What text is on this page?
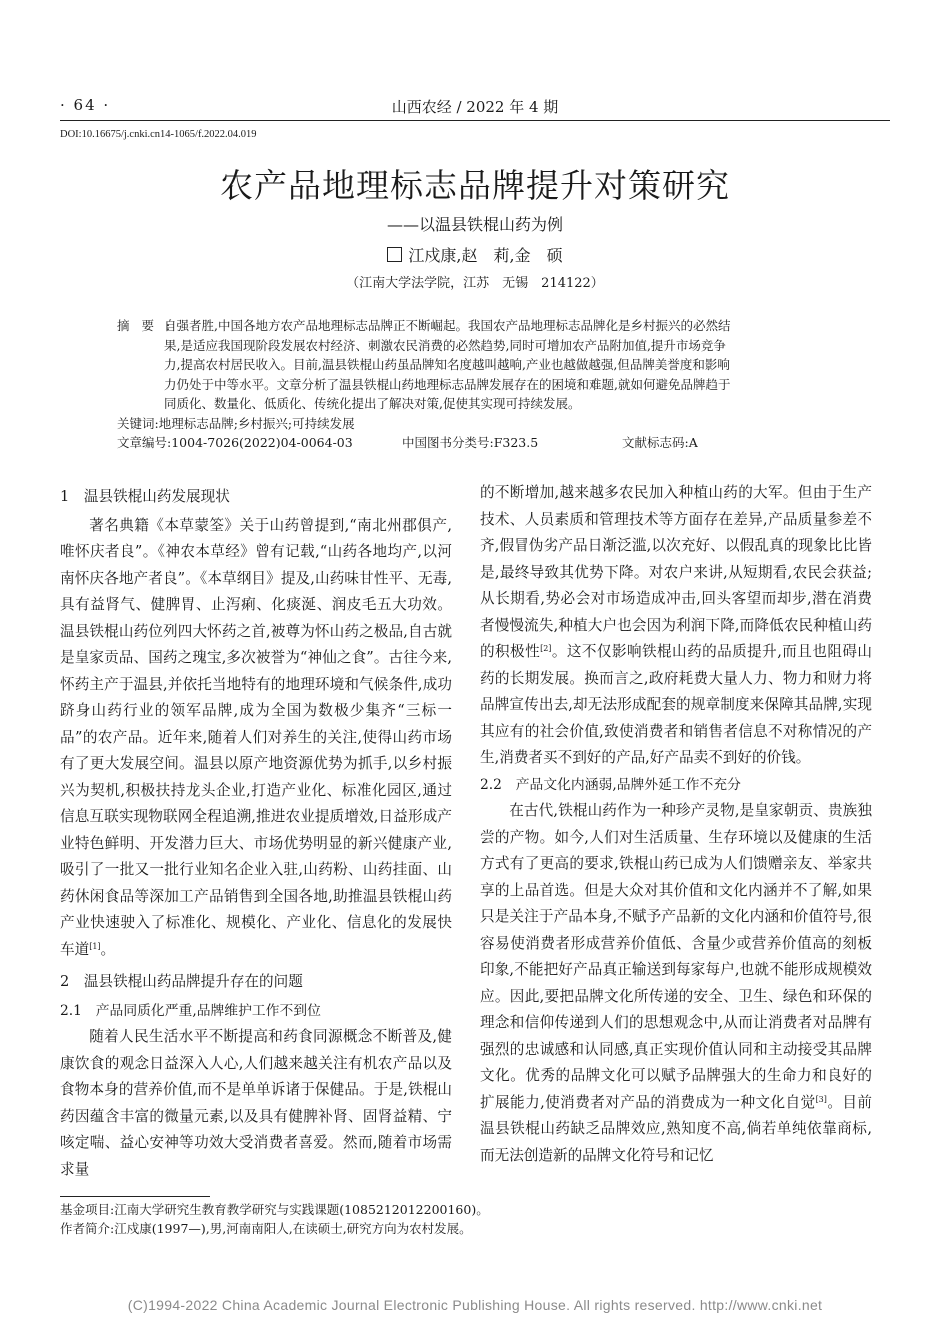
· 64 ·	山西农经 / 2022 年 4 期
DOI:10.16675/j.cnki.cn14-1065/f.2022.04.019
农产品地理标志品牌提升对策研究
——以温县铁棍山药为例
江戍康,赵　莉,金　硕
（江南大学法学院，江苏　无锡　214122）
摘要:自强者胜,中国各地方农产品地理标志品牌正不断崛起。我国农产品地理标志品牌化是乡村振兴的必然结
果,是适应我国现阶段发展农村经济、刺激农民消费的必然趋势,同时可增加农产品附加值,提升市场竞争
力,提高农村居民收入。目前,温县铁棍山药虽品牌知名度越叫越响,产业也越做越强,但品牌美誉度和影响
力仍处于中等水平。文章分析了温县铁棍山药地理标志品牌发展存在的困境和难题,就如何避免品牌趋于
同质化、数量化、低质化、传统化提出了解决对策,促使其实现可持续发展。
关键词:地理标志品牌;乡村振兴;可持续发展
文章编号:1004-7026(2022)04-0064-03	中国图书分类号:F323.5	文献标志码:A
1　温县铁棍山药发展现状
著名典籍《本草蒙筌》关于山药曾提到,“南北州郡俱产,唯怀庆者良”。《神农本草经》曾有记载,“山药各地均产,以河南怀庆各地产者良”。《本草纲目》提及,山药味甘性平、无毒,具有益肾气、健脾胃、止泻痢、化痰涎、润皮毛五大功效。温县铁棍山药位列四大怀药之首,被尊为怀山药之极品,自古就是皇家贡品、国药之瑰宝,多次被誉为“神仙之食”。古往今来,怀药主产于温县,并依托当地特有的地理环境和气候条件,成功跻身山药行业的领军品牌,成为全国为数极少集齐“三标一品”的农产品。近年来,随着人们对养生的关注,使得山药市场有了更大发展空间。温县以原产地资源优势为抓手,以乡村振兴为契机,积极扶持龙头企业,打造产业化、标准化园区,通过信息互联实现物联网全程追溯,推进农业提质增效,日益形成产业特色鲜明、开发潜力巨大、市场优势明显的新兴健康产业,吸引了一批又一批行业知名企业入驻,山药粉、山药挂面、山药休闲食品等深加工产品销售到全国各地,助推温县铁棍山药产业快速驶入了标准化、规模化、产业化、信息化的发展快车道[1]。
2　温县铁棍山药品牌提升存在的问题
2.1　产品同质化严重,品牌维护工作不到位
随着人民生活水平不断提高和药食同源概念不断普及,健康饮食的观念日益深入人心,人们越来越关注有机农产品以及食物本身的营养价值,而不是单单诉诸于保健品。于是,铁棍山药因蕴含丰富的微量元素,以及具有健脾补肾、固肾益精、宁咳定喘、益心安神等功效大受消费者喜爱。然而,随着市场需求量
的不断增加,越来越多农民加入种植山药的大军。但由于生产技术、人员素质和管理技术等方面存在差异,产品质量参差不齐,假冒伪劣产品日渐泛滥,以次充好、以假乱真的现象比比皆是,最终导致其优势下降。对农户来讲,从短期看,农民会获益;从长期看,势必会对市场造成冲击,回头客望而却步,潜在消费者慢慢流失,种植大户也会因为利润下降,而降低农民种植山药的积极性[2]。这不仅影响铁棍山药的品质提升,而且也阻碍山药的长期发展。换而言之,政府耗费大量人力、物力和财力将品牌宣传出去,却无法形成配套的规章制度来保障其品牌,实现其应有的社会价值,致使消费者和销售者信息不对称情况的产生,消费者买不到好的产品,好产品卖不到好的价钱。
2.2　产品文化内涵弱,品牌外延工作不充分
在古代,铁棍山药作为一种珍产灵物,是皇家朝贡、贵族独尝的产物。如今,人们对生活质量、生存环境以及健康的生活方式有了更高的要求,铁棍山药已成为人们馈赠亲友、举家共享的上品首选。但是大众对其价值和文化内涵并不了解,如果只是关注于产品本身,不赋予产品新的文化内涵和价值符号,很容易使消费者形成营养价值低、含量少或营养价值高的刻板印象,不能把好产品真正输送到每家每户,也就不能形成规模效应。因此,要把品牌文化所传递的安全、卫生、绿色和环保的理念和信仰传递到人们的思想观念中,从而让消费者对品牌有强烈的忠诚感和认同感,真正实现价值认同和主动接受其品牌文化。优秀的品牌文化可以赋予品牌强大的生命力和良好的扩展能力,使消费者对产品的消费成为一种文化自觉[3]。目前温县铁棍山药缺乏品牌效应,熟知度不高,倘若单纯依靠商标,而无法创造新的品牌文化符号和记忆
基金项目:江南大学研究生教育教学研究与实践课题(1085212012200160)。
作者简介:江戍康(1997—),男,河南南阳人,在读硕士,研究方向为农村发展。
(C)1994-2022 China Academic Journal Electronic Publishing House. All rights reserved. http://www.cnki.net
